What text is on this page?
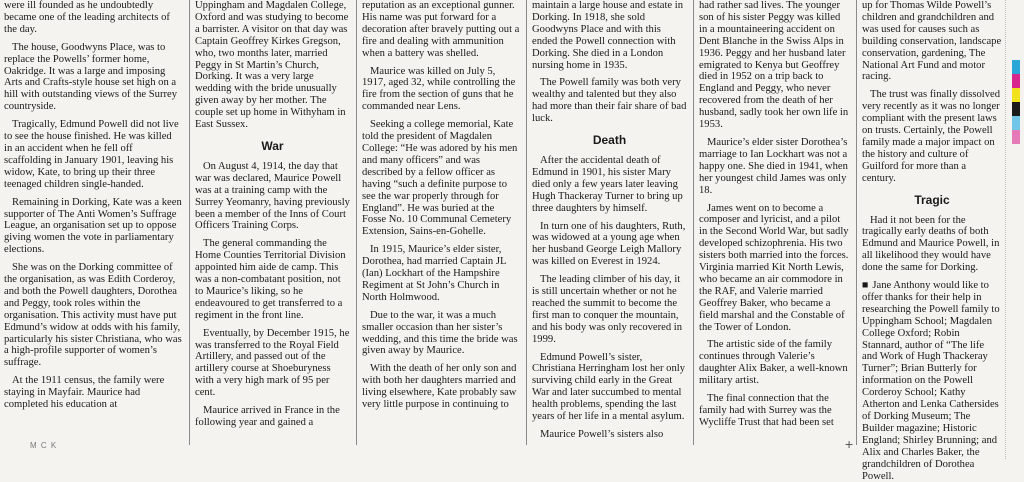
M C K	+

were ill founded as he undoubtedly became one of the leading architects of the day.

The house, Goodwyns Place, was to replace the Powells’ former home, Oakridge. It was a large and imposing Arts and Crafts-style house set high on a hill with outstanding views of the Surrey countryside.

Tragically, Edmund Powell did not live to see the house finished. He was killed in an accident when he fell off scaffolding in January 1901, leaving his widow, Kate, to bring up their three teenaged children single-handed.

Remaining in Dorking, Kate was a keen supporter of The Anti Women’s Suffrage League, an organisation set up to oppose giving women the vote in parliamentary elections.

She was on the Dorking committee of the organisation, as was Edith Corderoy, and both the Powell daughters, Dorothea and Peggy, took roles within the organisation. This activity must have put Edmund’s widow at odds with his family, particularly his sister Christiana, who was a high-profile supporter of women’s suffrage.

At the 1911 census, the family were staying in Mayfair. Maurice had completed his education at

Uppingham and Magdalen College, Oxford and was studying to become a barrister. A visitor on that day was Captain Geoffrey Kirkes Gregson, who, two months later, married Peggy in St Martin’s Church, Dorking. It was a very large wedding with the bride unusually given away by her mother. The couple set up home in Withyham in East Sussex.

War

On August 4, 1914, the day that war was declared, Maurice Powell was at a training camp with the Surrey Yeomanry, having previously been a member of the Inns of Court Officers Training Corps.

The general commanding the Home Counties Territorial Division appointed him aide de camp. This was a non-combatant position, not to Maurice’s liking, so he endeavoured to get transferred to a regiment in the front line.

Eventually, by December 1915, he was transferred to the Royal Field Artillery, and passed out of the artillery course at Shoeburyness with a very high mark of 95 per cent.

Maurice arrived in France in the following year and gained a

reputation as an exceptional gunner. His name was put forward for a decoration after bravely putting out a fire and dealing with ammunition when a battery was shelled.

Maurice was killed on July 5, 1917, aged 32, while controlling the fire from the section of guns that he commanded near Lens.

Seeking a college memorial, Kate told the president of Magdalen College: “He was adored by his men and many officers” and was described by a fellow officer as having “such a definite purpose to see the war properly through for England”. He was buried at the Fosse No. 10 Communal Cemetery Extension, Sains-en-Gohelle.

In 1915, Maurice’s elder sister, Dorothea, had married Captain JL (Ian) Lockhart of the Hampshire Regiment at St John’s Church in North Holmwood.

Due to the war, it was a much smaller occasion than her sister’s wedding, and this time the bride was given away by Maurice.

With the death of her only son and with both her daughters married and living elsewhere, Kate probably saw very little purpose in continuing to

maintain a large house and estate in Dorking. In 1918, she sold Goodwyns Place and with this ended the Powell connection with Dorking. She died in a London nursing home in 1935.

The Powell family was both very wealthy and talented but they also had more than their fair share of bad luck.

Death

After the accidental death of Edmund in 1901, his sister Mary died only a few years later leaving Hugh Thackeray Turner to bring up three daughters by himself.

In turn one of his daughters, Ruth, was widowed at a young age when her husband George Leigh Mallory was killed on Everest in 1924.

The leading climber of his day, it is still uncertain whether or not he reached the summit to become the first man to conquer the mountain, and his body was only recovered in 1999.

Edmund Powell’s sister, Christiana Herringham lost her only surviving child early in the Great War and later succumbed to mental health problems, spending the last years of her life in a mental asylum.

Maurice Powell’s sisters also

had rather sad lives. The younger son of his sister Peggy was killed in a mountaineering accident on Dent Blanche in the Swiss Alps in 1936. Peggy and her husband later emigrated to Kenya but Geoffrey died in 1952 on a trip back to England and Peggy, who never recovered from the death of her husband, sadly took her own life in 1953.

Maurice’s elder sister Dorothea’s marriage to Ian Lockhart was not a happy one. She died in 1941, when her youngest child James was only 18.

James went on to become a composer and lyricist, and a pilot in the Second World War, but sadly developed schizophrenia. His two sisters both married into the forces. Virginia married Kit North Lewis, who became an air commodore in the RAF, and Valerie married Geoffrey Baker, who became a field marshal and the Constable of the Tower of London.

The artistic side of the family continues through Valerie’s daughter Alix Baker, a well-known military artist.

The final connection that the family had with Surrey was the Wycliffe Trust that had been set

up for Thomas Wilde Powell’s children and grandchildren and was used for causes such as building conservation, landscape conservation, gardening, The National Art Fund and motor racing.

The trust was finally dissolved very recently as it was no longer compliant with the present laws on trusts. Certainly, the Powell family made a major impact on the history and culture of Guilford for more than a century.

Tragic

Had it not been for the tragically early deaths of both Edmund and Maurice Powell, in all likelihood they would have done the same for Dorking.

■ Jane Anthony would like to offer thanks for their help in researching the Powell family to Uppingham School; Magdalen College Oxford; Robin Stannard, author of “The life and Work of Hugh Thackeray Turner”; Brian Butterly for information on the Powell Corderoy School; Kathy Atherton and Lenka Cathersides of Dorking Museum; The Builder magazine; Historic England; Shirley Brunning; and Alix and Charles Baker, the grandchildren of Dorothea Powell.
